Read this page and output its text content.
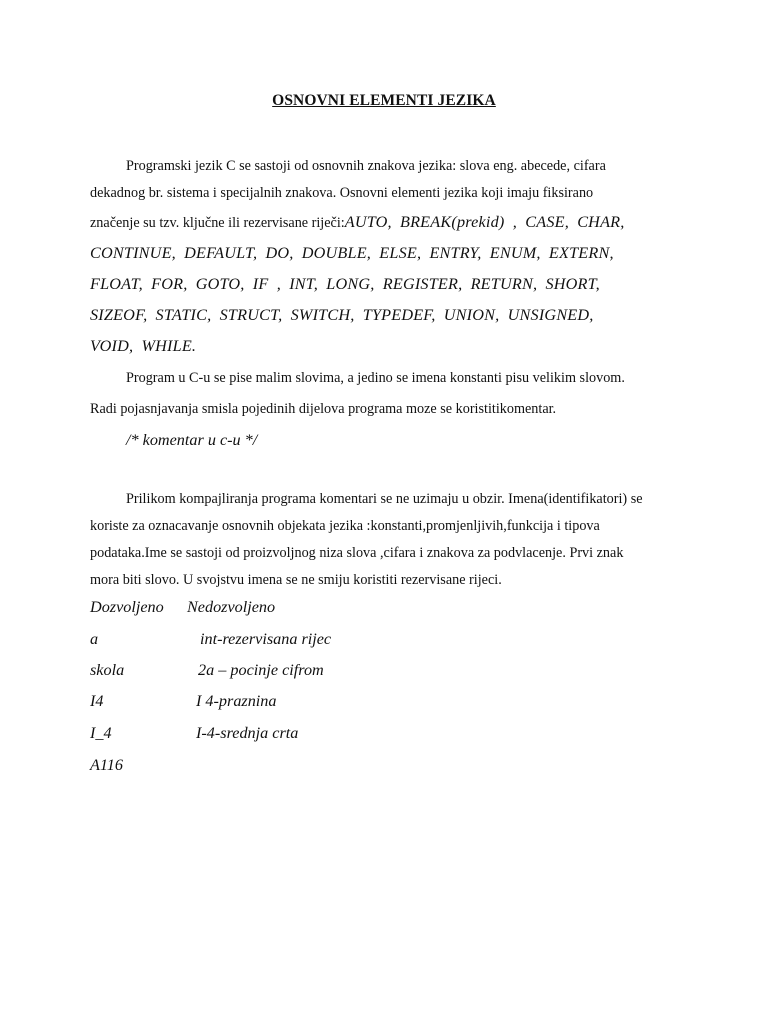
OSNOVNI ELEMENTI JEZIKA
Programski jezik C se sastoji od osnovnih znakova jezika: slova eng. abecede, cifara
dekadnog br. sistema i specijalnih znakova. Osnovni elementi jezika koji imaju fiksirano
značenje su tzv. ključne ili rezervisane riječi:AUTO, BREAK(prekid) , CASE, CHAR,
CONTINUE, DEFAULT, DO, DOUBLE, ELSE, ENTRY, ENUM, EXTERN,
FLOAT, FOR, GOTO, IF , INT, LONG, REGISTER, RETURN, SHORT,
SIZEOF, STATIC, STRUCT, SWITCH, TYPEDEF, UNION, UNSIGNED,
VOID, WHILE.
Program u C-u se pise malim slovima, a jedino se imena konstanti pisu velikim slovom.
Radi pojasnjavanja smisla pojedinih dijelova programa moze se koristitikomentar.
/* komentar u c-u */
Prilikom kompajliranja programa komentari se ne uzimaju u obzir. Imena(identifikatori) se
koriste za oznacavanje osnovnih objekata jezika :konstanti,promjenljivih,funkcija i tipova
podataka.Ime se sastoji od proizvoljnog niza slova ,cifara i znakova za podvlacenje. Prvi znak
mora biti slovo. U svojstvu imena se ne smiju koristiti rezervisane rijeci.
Dozvoljeno Nedozvoljeno
a	int-rezervisana rijec
skola	2a – pocinje cifrom
I4	I 4-praznina
I_4	I-4-srednja crta
A116
